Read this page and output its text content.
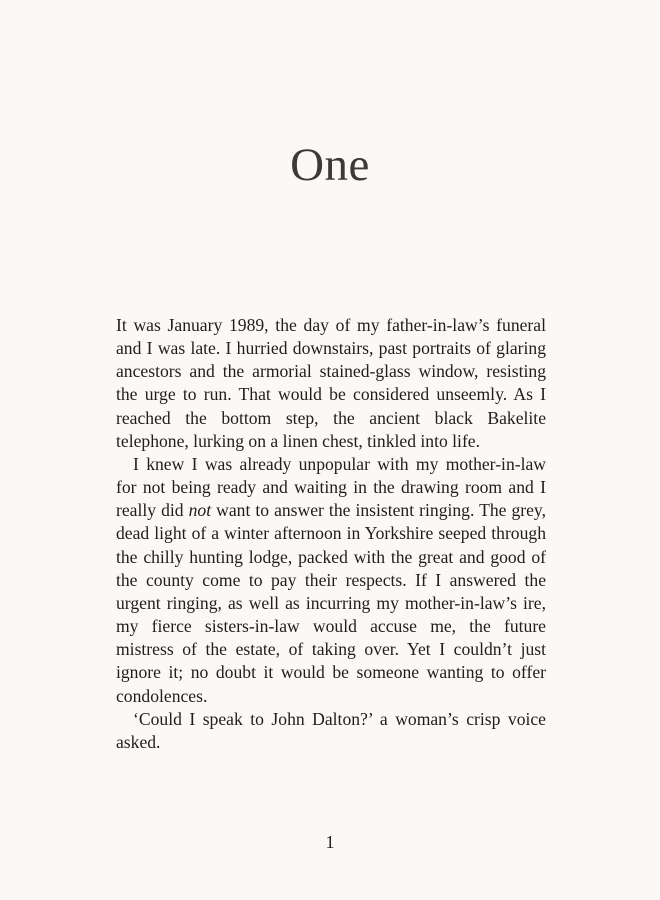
One

It was January 1989, the day of my father-in-law’s funeral and I was late. I hurried downstairs, past portraits of glaring ancestors and the armorial stained-glass window, resisting the urge to run. That would be considered unseemly. As I reached the bottom step, the ancient black Bakelite telephone, lurking on a linen chest, tinkled into life.

I knew I was already unpopular with my mother-in-law for not being ready and waiting in the drawing room and I really did not want to answer the insistent ringing. The grey, dead light of a winter afternoon in Yorkshire seeped through the chilly hunting lodge, packed with the great and good of the county come to pay their respects. If I answered the urgent ringing, as well as incurring my mother-in-law’s ire, my fierce sisters-in-law would accuse me, the future mistress of the estate, of taking over. Yet I couldn’t just ignore it; no doubt it would be someone wanting to offer condolences.

‘Could I speak to John Dalton?’ a woman’s crisp voice asked.

1
